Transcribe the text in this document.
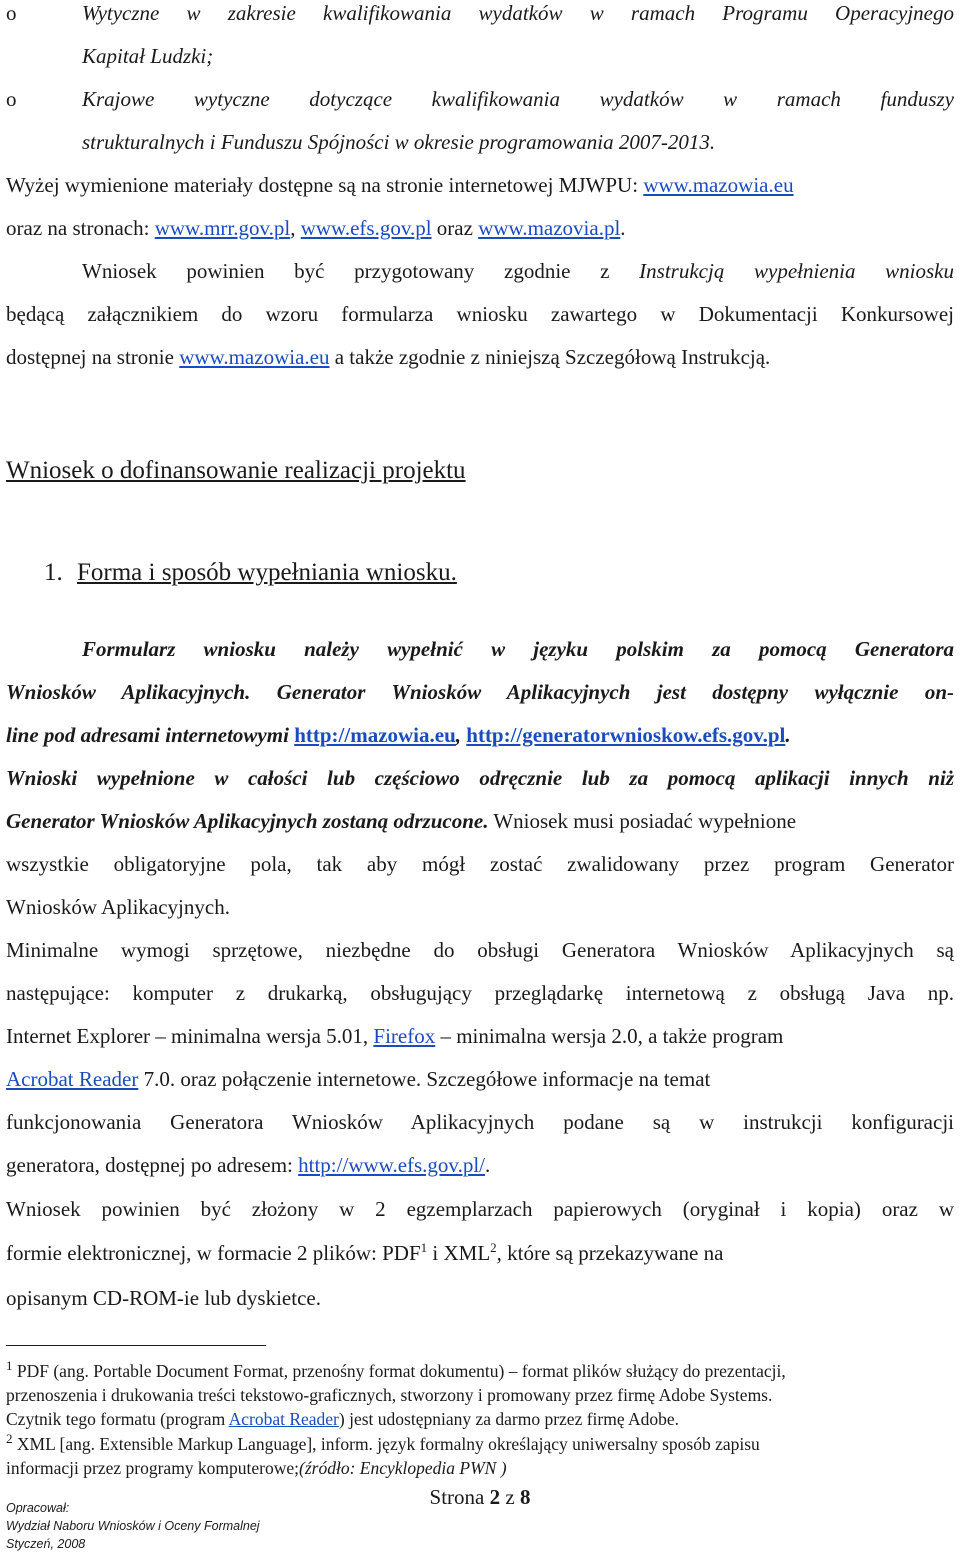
o	Wytyczne w zakresie kwalifikowania wydatków w ramach Programu Operacyjnego
Kapitał Ludzki;
o	Krajowe wytyczne dotyczące kwalifikowania wydatków w ramach funduszy
strukturalnych i Funduszu Spójności w okresie programowania 2007-2013.
Wyżej wymienione materiały dostępne są na stronie internetowej MJWPU: www.mazowia.eu
oraz na stronach: www.mrr.gov.pl, www.efs.gov.pl oraz www.mazovia.pl.
Wniosek powinien być przygotowany zgodnie z Instrukcją wypełnienia wniosku
będącą załącznikiem do wzoru formularza wniosku zawartego w Dokumentacji Konkursowej
dostępnej na stronie www.mazowia.eu a także zgodnie z niniejszą Szczegółową Instrukcją.
Wniosek o dofinansowanie realizacji projektu
1. Forma i sposób wypełniania wniosku.
Formularz wniosku należy wypełnić w języku polskim za pomocą Generatora
Wniosków Aplikacyjnych. Generator Wniosków Aplikacyjnych jest dostępny wyłącznie on-
line pod adresami internetowymi http://mazowia.eu, http://generatorwnioskow.efs.gov.pl.
Wnioski wypełnione w całości lub częściowo odręcznie lub za pomocą aplikacji innych niż
Generator Wniosków Aplikacyjnych zostaną odrzucone. Wniosek musi posiadać wypełnione
wszystkie obligatoryjne pola, tak aby mógł zostać zwalidowany przez program Generator
Wniosków Aplikacyjnych.
Minimalne wymogi sprzętowe, niezbędne do obsługi Generatora Wniosków Aplikacyjnych są
następujące: komputer z drukarką, obsługujący przeglądarkę internetową z obsługą Java np.
Internet Explorer – minimalna wersja 5.01, Firefox – minimalna wersja 2.0, a także program
Acrobat Reader 7.0. oraz połączenie internetowe. Szczegółowe informacje na temat
funkcjonowania Generatora Wniosków Aplikacyjnych podane są w instrukcji konfiguracji
generatora, dostępnej po adresem: http://www.efs.gov.pl/.
Wniosek powinien być złożony w 2 egzemplarzach papierowych (oryginał i kopia) oraz w
formie elektronicznej, w formacie 2 plików: PDF$^1$ i XML$^2$, które są przekazywane na
opisanym CD-ROM-ie lub dyskietce.
$^1$ PDF (ang. Portable Document Format, przenośny format dokumentu) – format plików służący do prezentacji,
przenoszenia i drukowania treści tekstowo-graficznych, stworzony i promowany przez firmę Adobe Systems.
Czytnik tego formatu (program Acrobat Reader) jest udostępniany za darmo przez firmę Adobe.
$^2$ XML [ang. Extensible Markup Language], inform. język formalny określający uniwersalny sposób zapisu
informacji przez programy komputerowe;(źródło: Encyklopedia PWN )
Strona 2 z 8
Opracował:
Wydział Naboru Wniosków i Oceny Formalnej
Styczeń, 2008
